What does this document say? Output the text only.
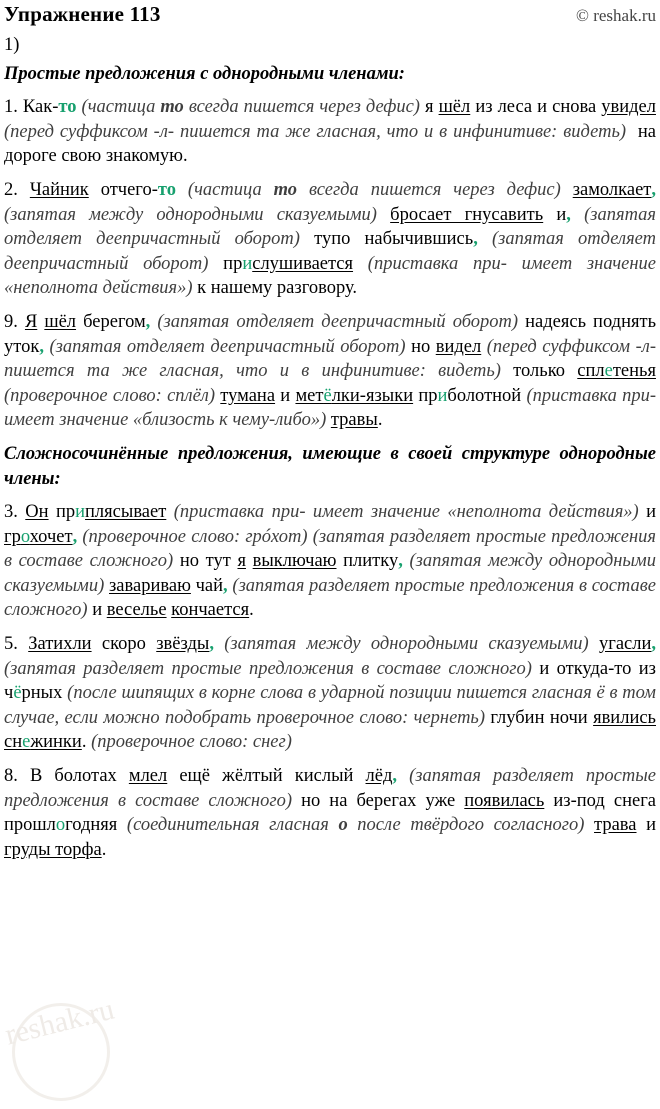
Упражнение 113	© reshak.ru

1)

Простые предложения с однородными членами:

1. Как-то (частица то всегда пишется через дефис) я шёл из леса и снова увидел (перед суффиксом -л- пишется та же гласная, что и в инфинитиве: видеть) на дороге свою знакомую.

2. Чайник отчего-то (частица то всегда пишется через дефис) замолкает, (запятая между однородными сказуемыми) бросает гнусавить и, (запятая отделяет деепричастный оборот) тупо набычившись, (запятая отделяет деепричастный оборот) прислушивается (приставка при- имеет значение «неполнота действия») к нашему разговору.

9. Я шёл берегом, (запятая отделяет деепричастный оборот) надеясь поднять уток, (запятая отделяет деепричастный оборот) но видел (перед суффиксом -л- пишется та же гласная, что и в инфинитиве: видеть) только сплетенья (проверочное слово: сплёл) тумана и метёлки-языки приболотной (приставка при- имеет значение «близость к чему-либо») травы.

Сложносочинённые предложения, имеющие в своей структуре однородные члены:

3. Он приплясывает (приставка при- имеет значение «неполнота действия») и грохочет, (проверочное слово: грóхот) (запятая разделяет простые предложения в составе сложного) но тут я выключаю плитку, (запятая между однородными сказуемыми) завариваю чай, (запятая разделяет простые предложения в составе сложного) и веселье кончается.

5. Затихли скоро звёзды, (запятая между однородными сказуемыми) угасли, (запятая разделяет простые предложения в составе сложного) и откуда-то из чёрных (после шипящих в корне слова в ударной позиции пишется гласная ё в том случае, если можно подобрать проверочное слово: чернеть) глубин ночи явились снежинки. (проверочное слово: снег)

8. В болотах млел ещё жёлтый кислый лёд, (запятая разделяет простые предложения в составе сложного) но на берегах уже появилась из-под снега прошлогодняя (соединительная гласная о после твёрдого согласного) трава и груды торфа.

reshak.ru
